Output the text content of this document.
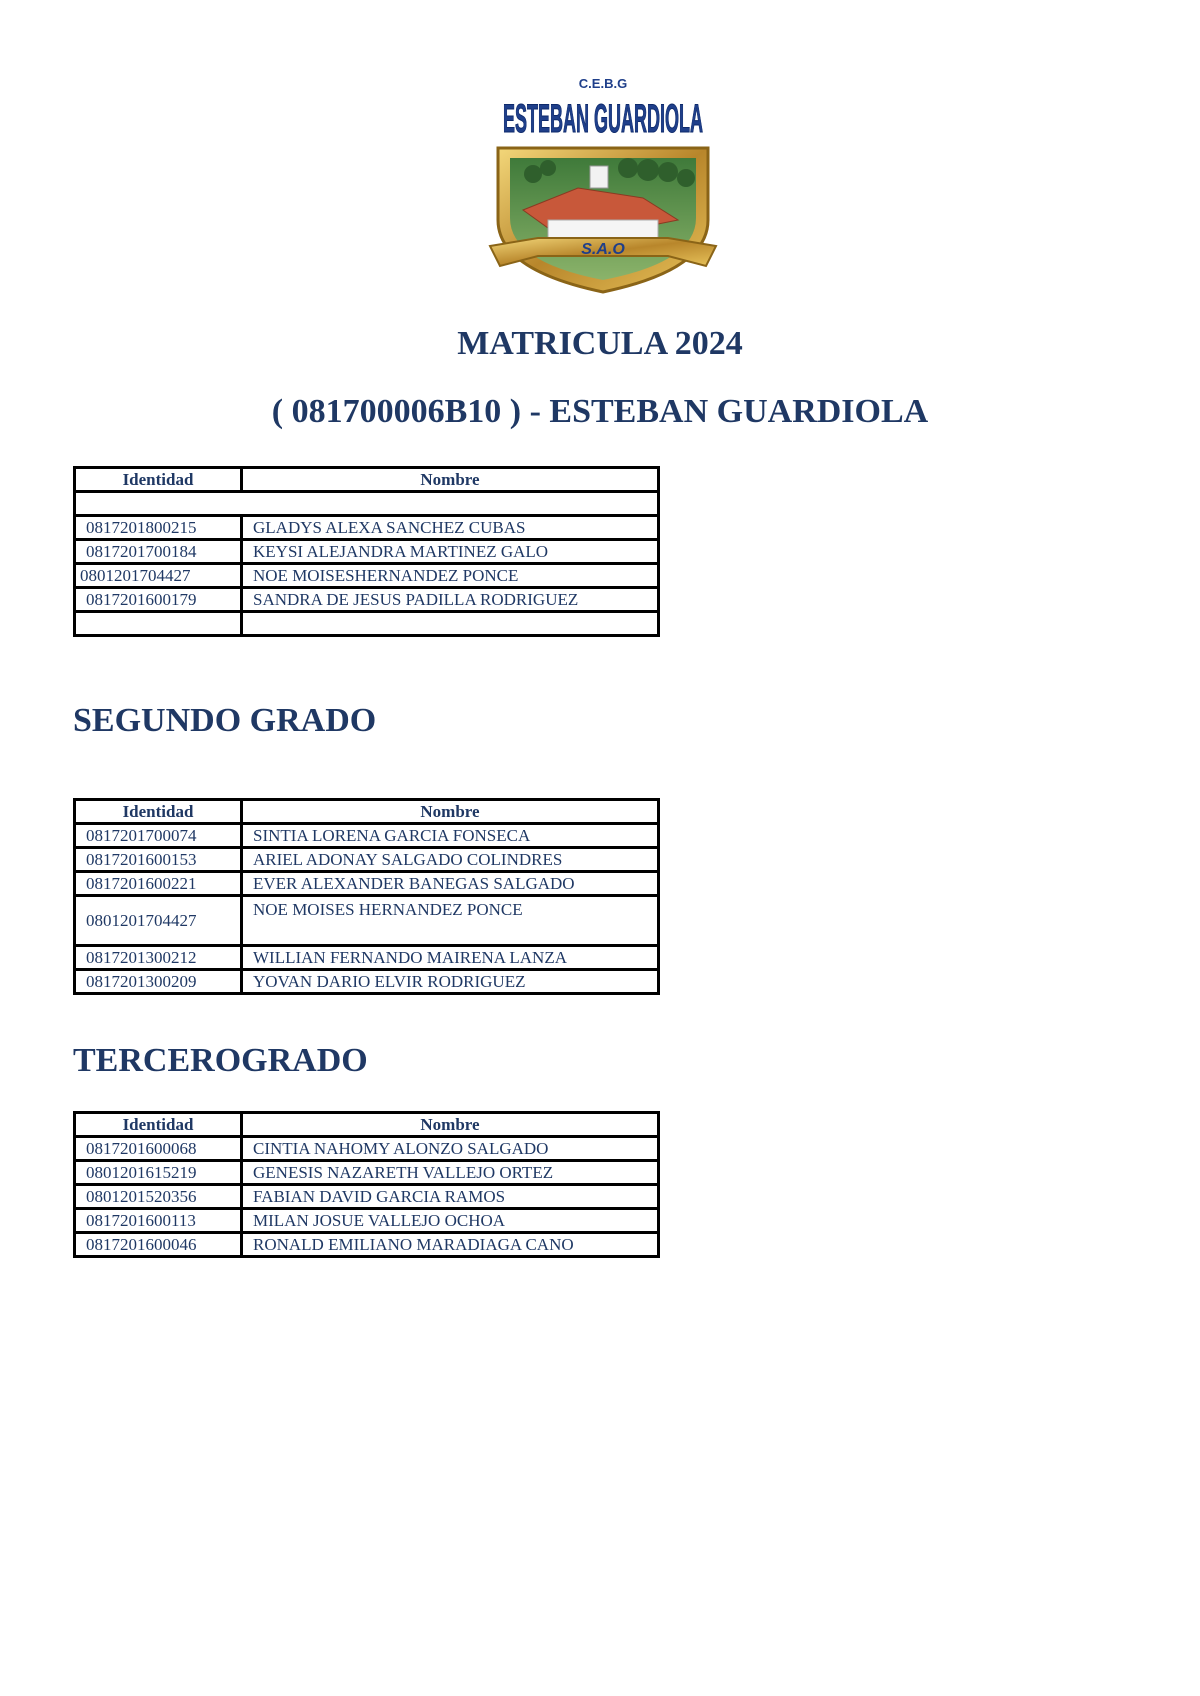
C.E.B.G
ESTEBAN GUARDIOLA
S.A.O
MATRICULA 2024
( 081700006B10 ) - ESTEBAN GUARDIOLA
Identidad	Nombre

0817201800215	GLADYS ALEXA SANCHEZ CUBAS
0817201700184	KEYSI ALEJANDRA MARTINEZ GALO
0801201704427	NOE MOISESHERNANDEZ PONCE
0817201600179	SANDRA DE JESUS PADILLA RODRIGUEZ

SEGUNDO GRADO
Identidad	Nombre
0817201700074	SINTIA LORENA GARCIA FONSECA
0817201600153	ARIEL ADONAY SALGADO COLINDRES
0817201600221	EVER ALEXANDER BANEGAS SALGADO
0801201704427	NOE MOISES HERNANDEZ PONCE
0817201300212	WILLIAN FERNANDO MAIRENA LANZA
0817201300209	YOVAN DARIO ELVIR RODRIGUEZ
TERCEROGRADO
Identidad	Nombre
0817201600068	CINTIA NAHOMY ALONZO SALGADO
0801201615219	GENESIS NAZARETH VALLEJO ORTEZ
0801201520356	FABIAN DAVID GARCIA RAMOS
0817201600113	MILAN JOSUE VALLEJO OCHOA
0817201600046	RONALD EMILIANO MARADIAGA CANO
